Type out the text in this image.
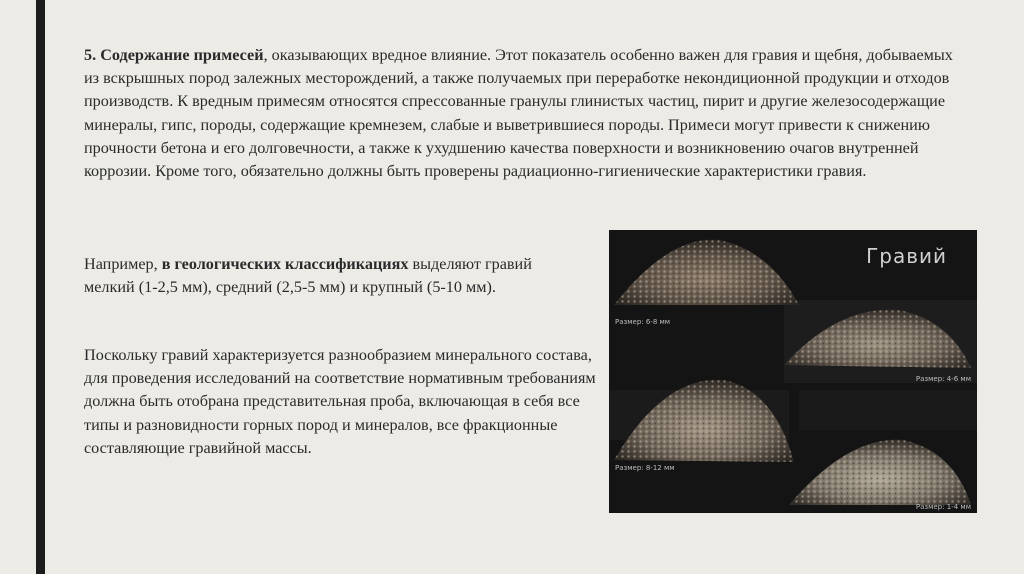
5. Содержание примесей, оказывающих вредное влияние. Этот показатель особенно важен для гравия и щебня, добываемых из вскрышных пород залежных месторождений, а также получаемых при переработке некондиционной продукции и отходов производств. К вредным примесям относятся спрессованные гранулы глинистых частиц, пирит и другие железосодержащие минералы, гипс, породы, содержащие кремнезем, слабые и выветрившиеся породы. Примеси могут привести к снижению прочности бетона и его долговечности, а также к ухудшению качества поверхности и возникновению очагов внутренней коррозии. Кроме того, обязательно должны быть проверены радиационно-гигиенические характеристики гравия.
Например, в геологических классификациях выделяют гравий мелкий (1-2,5 мм), средний (2,5-5 мм) и крупный (5-10 мм).
Поскольку гравий характеризуется разнообразием минерального состава, для проведения исследований на соответствие нормативным требованиям должна быть отобрана представительная проба, включающая в себя все типы и разновидности горных пород и минералов, все фракционные составляющие гравийной массы.
Гравий
Размер: 6-8 мм
Размер: 4-6 мм
Размер: 8-12 мм
Размер: 1-4 мм
